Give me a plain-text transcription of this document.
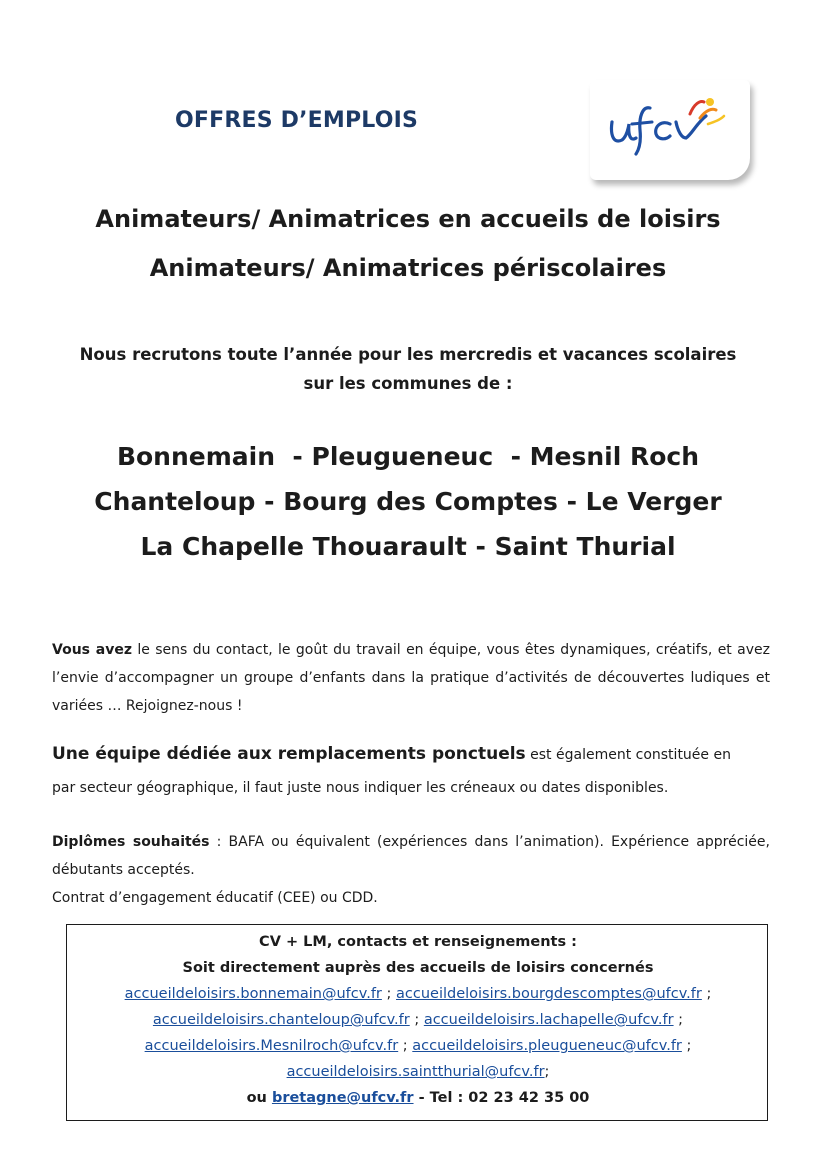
OFFRES D’EMPLOIS
Animateurs/ Animatrices en accueils de loisirs
Animateurs/ Animatrices périscolaires
Nous recrutons toute l’année pour les mercredis et vacances scolaires
sur les communes de :
Bonnemain  - Pleugueneuc  - Mesnil Roch
Chanteloup - Bourg des Comptes - Le Verger
La Chapelle Thouarault - Saint Thurial
Vous avez le sens du contact, le goût du travail en équipe, vous êtes dynamiques, créatifs, et avez l’envie d’accompagner un groupe d’enfants dans la pratique d’activités de découvertes ludiques et variées … Rejoignez-nous !
Une équipe dédiée aux remplacements ponctuels est également constituée en
par secteur géographique, il faut juste nous indiquer les créneaux ou dates disponibles.
Diplômes souhaités : BAFA ou équivalent (expériences dans l’animation). Expérience appréciée, débutants acceptés.
Contrat d’engagement éducatif (CEE) ou CDD.
CV + LM, contacts et renseignements :
Soit directement auprès des accueils de loisirs concernés
accueildeloisirs.bonnemain@ufcv.fr ; accueildeloisirs.bourgdescomptes@ufcv.fr ;
accueildeloisirs.chanteloup@ufcv.fr ; accueildeloisirs.lachapelle@ufcv.fr ;
accueildeloisirs.Mesnilroch@ufcv.fr ; accueildeloisirs.pleugueneuc@ufcv.fr ;
accueildeloisirs.saintthurial@ufcv.fr;
ou bretagne@ufcv.fr - Tel : 02 23 42 35 00
